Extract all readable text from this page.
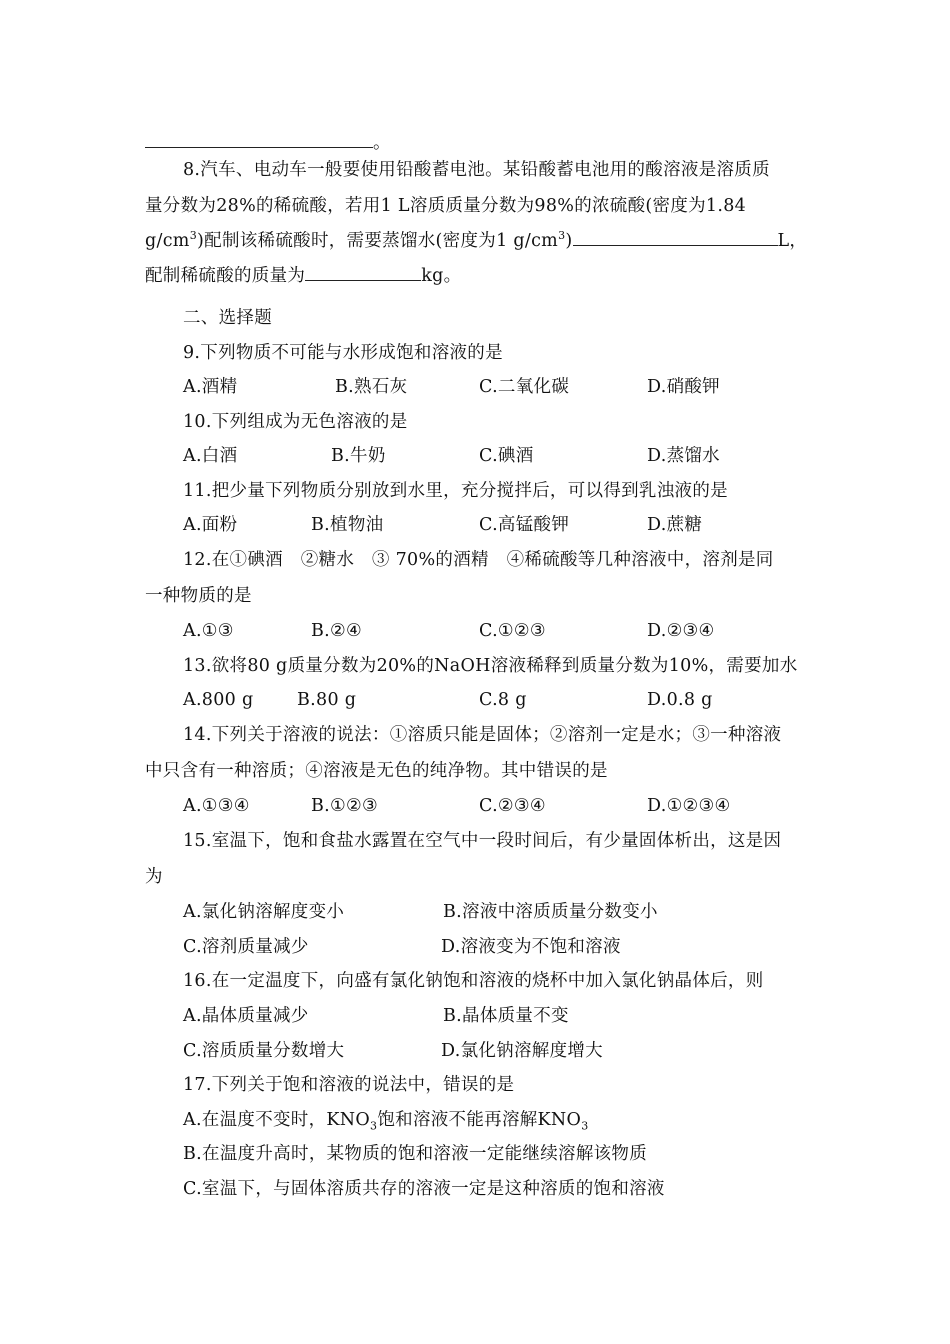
。
8.汽车、电动车一般要使用铅酸蓄电池。某铅酸蓄电池用的酸溶液是溶质质
量分数为28%的稀硫酸，若用1 L溶质质量分数为98%的浓硫酸(密度为1.84
$g/cm^3$)配制该稀硫酸时，需要蒸馏水(密度为1 $g/cm^3$)	L，
配制稀硫酸的质量为	kg。
二、选择题
9.下列物质不可能与水形成饱和溶液的是
A.酒精	B.熟石灰	C.二氧化碳	D.硝酸钾
10.下列组成为无色溶液的是
A.白酒	B.牛奶	C.碘酒	D.蒸馏水
11.把少量下列物质分别放到水里，充分搅拌后，可以得到乳浊液的是
A.面粉	B.植物油	C.高锰酸钾	D.蔗糖
12.在①碘酒　②糖水　③ 70%的酒精　④稀硫酸等几种溶液中，溶剂是同
一种物质的是
A.①③	B.②④	C.①②③	D.②③④
13.欲将80 g质量分数为20%的NaOH溶液稀释到质量分数为10%，需要加水
A.800 g B.80 g	C.8 g	D.0.8 g
14.下列关于溶液的说法：①溶质只能是固体；②溶剂一定是水；③一种溶液
中只含有一种溶质；④溶液是无色的纯净物。其中错误的是
A.①③④	B.①②③	C.②③④	D.①②③④
15.室温下，饱和食盐水露置在空气中一段时间后，有少量固体析出，这是因
为
A.氯化钠溶解度变小	B.溶液中溶质质量分数变小
C.溶剂质量减少	D.溶液变为不饱和溶液
16.在一定温度下，向盛有氯化钠饱和溶液的烧杯中加入氯化钠晶体后，则
A.晶体质量减少	B.晶体质量不变
C.溶质质量分数增大	D.氯化钠溶解度增大
17.下列关于饱和溶液的说法中，错误的是
A.在温度不变时，$KNO_3$饱和溶液不能再溶解$KNO_3$
B.在温度升高时，某物质的饱和溶液一定能继续溶解该物质
C.室温下，与固体溶质共存的溶液一定是这种溶质的饱和溶液
